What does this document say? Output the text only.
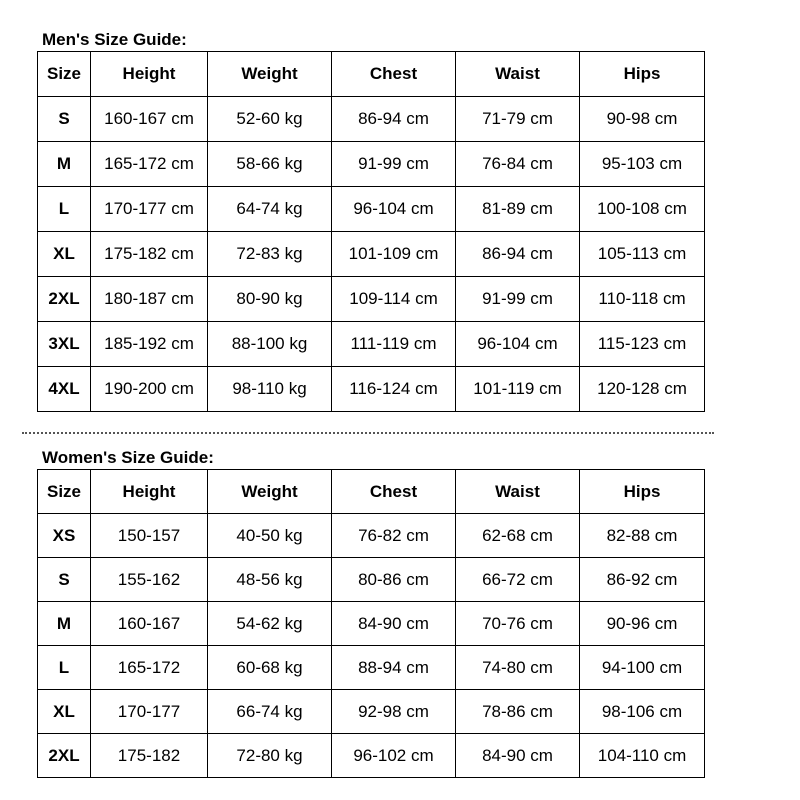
Men's Size Guide:
Size	Height	Weight	Chest	Waist	Hips
S	160-167 cm	52-60 kg	86-94 cm	71-79 cm	90-98 cm
M	165-172 cm	58-66 kg	91-99 cm	76-84 cm	95-103 cm
L	170-177 cm	64-74 kg	96-104 cm	81-89 cm	100-108 cm
XL	175-182 cm	72-83 kg	101-109 cm	86-94 cm	105-113 cm
2XL	180-187 cm	80-90 kg	109-114 cm	91-99 cm	110-118 cm
3XL	185-192 cm	88-100 kg	111-119 cm	96-104 cm	115-123 cm
4XL	190-200 cm	98-110 kg	116-124 cm	101-119 cm	120-128 cm
Women's Size Guide:
Size	Height	Weight	Chest	Waist	Hips
XS	150-157	40-50 kg	76-82 cm	62-68 cm	82-88 cm
S	155-162	48-56 kg	80-86 cm	66-72 cm	86-92 cm
M	160-167	54-62 kg	84-90 cm	70-76 cm	90-96 cm
L	165-172	60-68 kg	88-94 cm	74-80 cm	94-100 cm
XL	170-177	66-74 kg	92-98 cm	78-86 cm	98-106 cm
2XL	175-182	72-80 kg	96-102 cm	84-90 cm	104-110 cm
